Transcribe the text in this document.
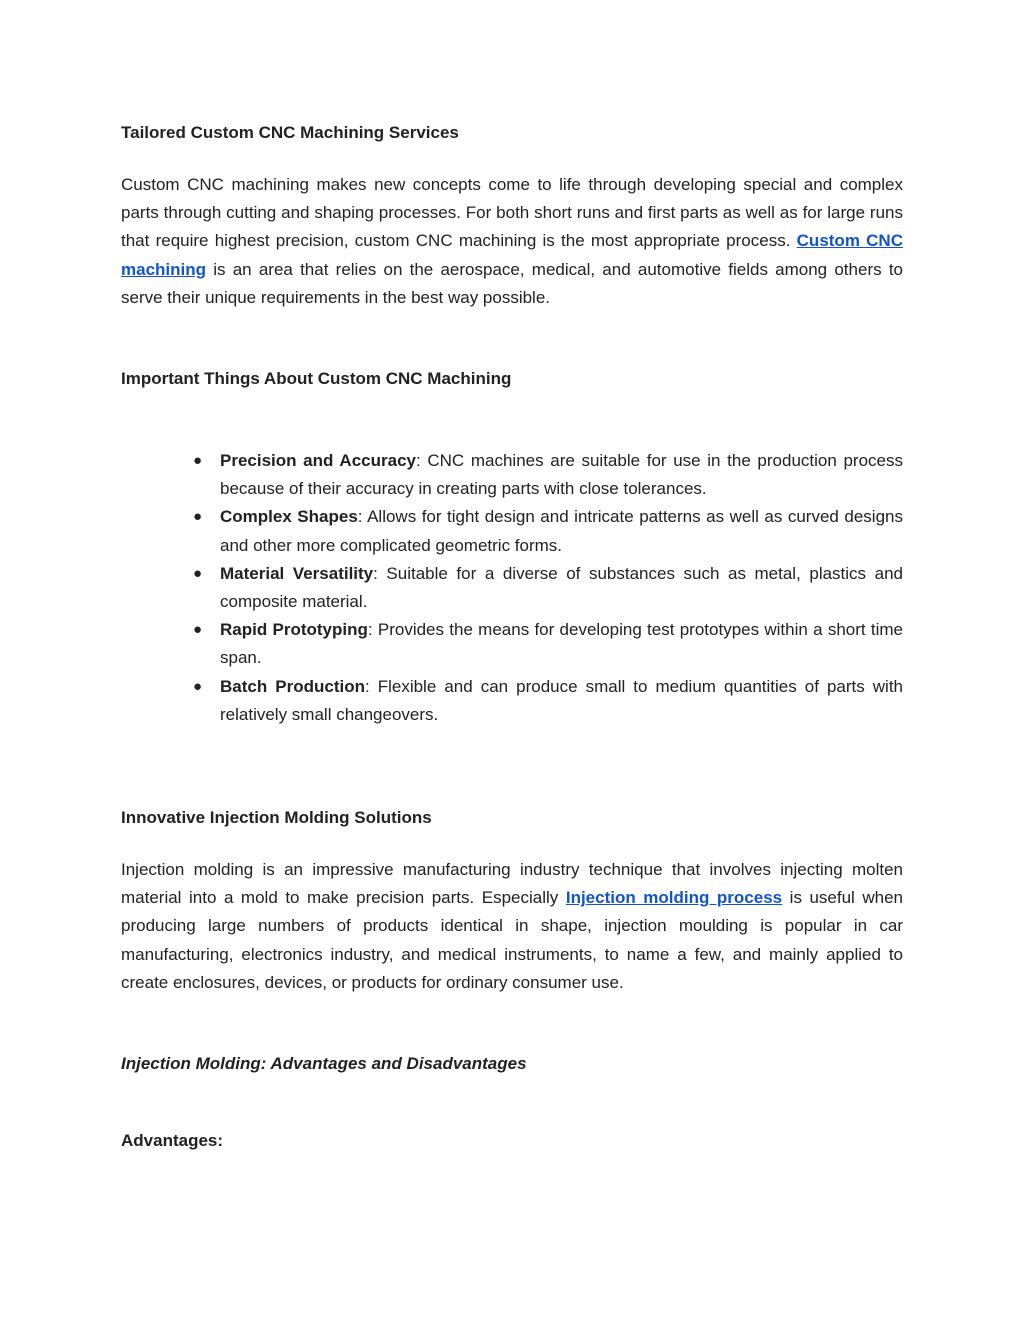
Tailored Custom CNC Machining Services

Custom CNC machining makes new concepts come to life through developing special and complex parts through cutting and shaping processes. For both short runs and first parts as well as for large runs that require highest precision, custom CNC machining is the most appropriate process. Custom CNC machining is an area that relies on the aerospace, medical, and automotive fields among others to serve their unique requirements in the best way possible.

Important Things About Custom CNC Machining
● Precision and Accuracy: CNC machines are suitable for use in the production process because of their accuracy in creating parts with close tolerances.
● Complex Shapes: Allows for tight design and intricate patterns as well as curved designs and other more complicated geometric forms.
● Material Versatility: Suitable for a diverse of substances such as metal, plastics and composite material.
● Rapid Prototyping: Provides the means for developing test prototypes within a short time span.
● Batch Production: Flexible and can produce small to medium quantities of parts with relatively small changeovers.
Innovative Injection Molding Solutions

Injection molding is an impressive manufacturing industry technique that involves injecting molten material into a mold to make precision parts. Especially Injection molding process is useful when producing large numbers of products identical in shape, injection moulding is popular in car manufacturing, electronics industry, and medical instruments, to name a few, and mainly applied to create enclosures, devices, or products for ordinary consumer use.

Injection Molding: Advantages and Disadvantages
Advantages:
